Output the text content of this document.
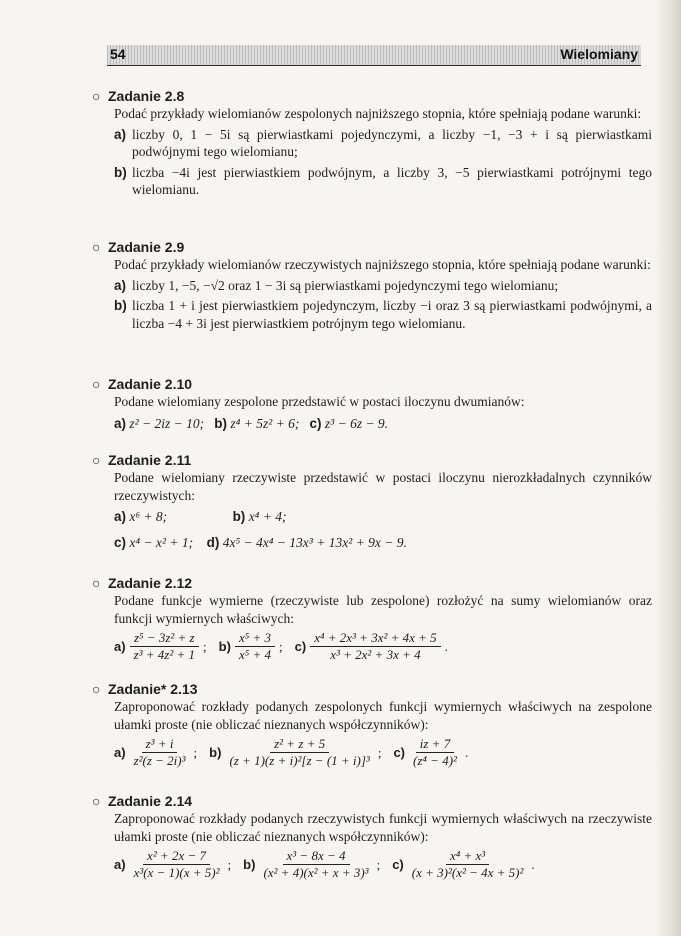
54	Wielomiany
○ Zadanie 2.8
Podać przykłady wielomianów zespolonych najniższego stopnia, które spełniają podane warunki:
a) liczby 0, 1 − 5i są pierwiastkami pojedynczymi, a liczby −1, −3 + i są pierwiastkami podwójnymi tego wielomianu;
b) liczba −4i jest pierwiastkiem podwójnym, a liczby 3, −5 pierwiastkami potrójnymi tego wielomianu.
○ Zadanie 2.9
Podać przykłady wielomianów rzeczywistych najniższego stopnia, które spełniają podane warunki:
a) liczby 1, −5, −√2 oraz 1 − 3i są pierwiastkami pojedynczymi tego wielomianu;
b) liczba 1 + i jest pierwiastkiem pojedynczym, liczby −i oraz 3 są pierwiastkami podwójnymi, a liczba −4 + 3i jest pierwiastkiem potrójnym tego wielomianu.
○ Zadanie 2.10
Podane wielomiany zespolone przedstawić w postaci iloczynu dwumianów:
a) z² − 2iz − 10; b) z⁴ + 5z² + 6; c) z³ − 6z − 9.
○ Zadanie 2.11
Podane wielomiany rzeczywiste przedstawić w postaci iloczynu nierozkładalnych czynników rzeczywistych:
a) x⁶ + 8;	b) x⁴ + 4;
c) x⁴ − x² + 1; d) 4x⁵ − 4x⁴ − 13x³ + 13x² + 9x − 9.
○ Zadanie 2.12
Podane funkcje wymierne (rzeczywiste lub zespolone) rozłożyć na sumy wielomianów oraz funkcji wymiernych właściwych:
$a) \frac{\text{z⁵ − 3z² + z}}{\text{z³ + 4z² + 1}}$ ; $b) \frac{\text{x⁵ + 3}}{\text{x⁵ + 4}}$ ; $c) \frac{\text{x⁴ + 2x³ + 3x² + 4x + 5}}{\text{x³ + 2x² + 3x + 4}}$ .
○ Zadanie* 2.13
Zaproponować rozkłady podanych zespolonych funkcji wymiernych właściwych na zespolone ułamki proste (nie obliczać nieznanych współczynników):
$a) \frac{\text{z³ + i}}{\text{z²(z − 2i)³}}$ ; $b) \frac{\text{z² + z + 5}}{\text{(z + 1)(z + i)²[z − (1 + i)]³}}$ ; $c) \frac{iz + 7}{\text{(z⁴ − 4)²}}$ .
○ Zadanie 2.14
Zaproponować rozkłady podanych rzeczywistych funkcji wymiernych właściwych na rzeczywiste ułamki proste (nie obliczać nieznanych współczynników):
$a) \frac{\text{x² + 2x − 7}}{\text{x³(x − 1)(x + 5)²}}$ ; $b) \frac{\text{x³ − 8x − 4}}{\text{(x² + 4)(x² + x + 3)³}}$ ; $c) \frac{\text{x⁴ + x³}}{\text{(x + 3)²(x² − 4x + 5)²}}$ .
